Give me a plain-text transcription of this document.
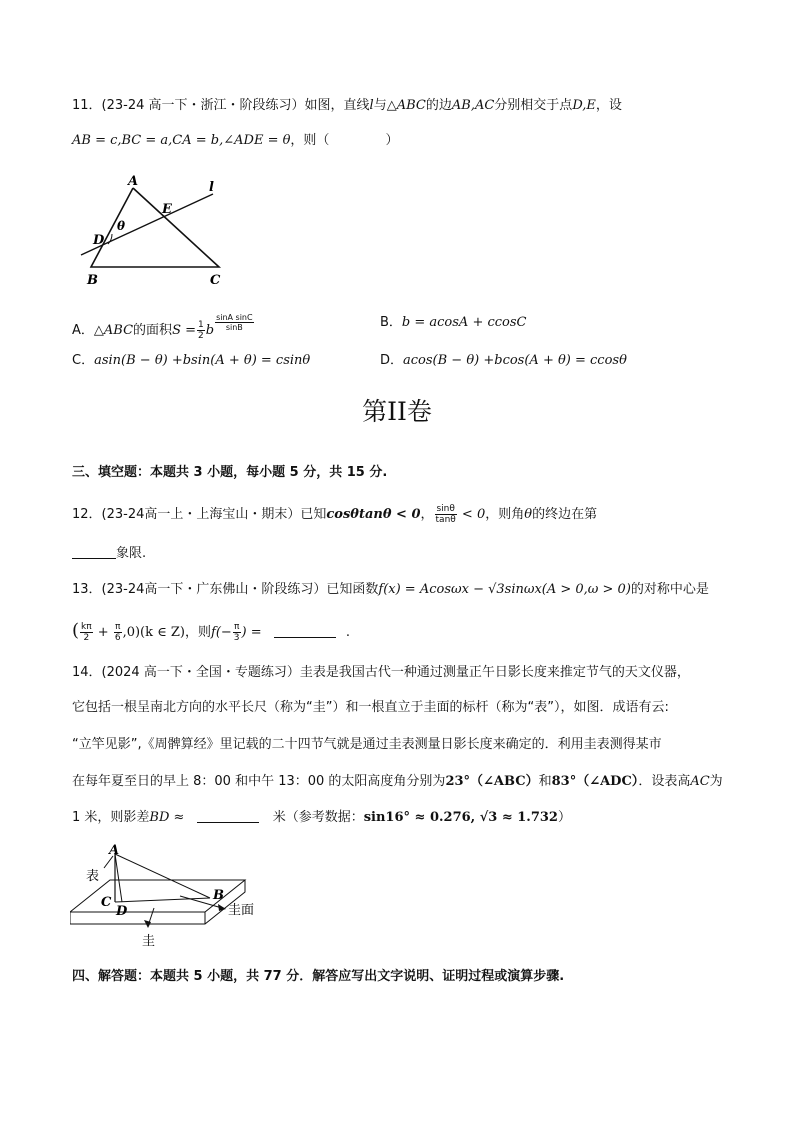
11．(23-24 高一下・浙江・阶段练习）如图，直线l与△ABC的边AB,AC分别相交于点D,E，设
AB = c,BC = a,CA = b,∠ADE = θ，则（	）
A
E
l
D
θ
B	C
A．△ABC的面积$S = \frac{1}{2}$ b $\frac{\text{sinA sinC}}{\sin B}$	B．b = acosA + ccosC
C．asin(B − θ) +bsin(A + θ) = csinθ	D．acos(B − θ) +bcos(A + θ) = ccosθ
第II卷
三、填空题：本题共 3 小题，每小题 5 分，共 15 分.
12．(23-24高一上・上海宝山・期末）已知cosθtanθ < 0， $\frac{\sin\theta}{\tan\theta} < 0$，则角θ的终边在第
象限.
13．(23-24高一下・广东佛山・阶段练习）已知函数f(x) = Acosωx − √3sinωx(A > 0,ω > 0)的对称中心是
( $\frac{k\pi}{2} + \frac{\pi}{6} ,0)(k$ ∈ Z)，则$f(- \frac{\pi}{3}$ ) =	.
14．(2024 高一下・全国・专题练习）圭表是我国古代一种通过测量正午日影长度来推定节气的天文仪器，
它包括一根呈南北方向的水平长尺（称为“圭”）和一根直立于圭面的标杆（称为“表”），如图．成语有云:
“立竿见影”,《周髀算经》里记载的二十四节气就是通过圭表测量日影长度来确定的．利用圭表测得某市
在每年夏至日的早上 8：00 和中午 13：00 的太阳高度角分别为23°（∠ABC）和83°（∠ADC）．设表高AC为
1 米，则影差BD ≈	米（参考数据：sin16° ≈ 0.276, √3 ≈ 1.732）
A
表
C
D
B
圭面
圭
四、解答题：本题共 5 小题，共 77 分．解答应写出文字说明、证明过程或演算步骤.
